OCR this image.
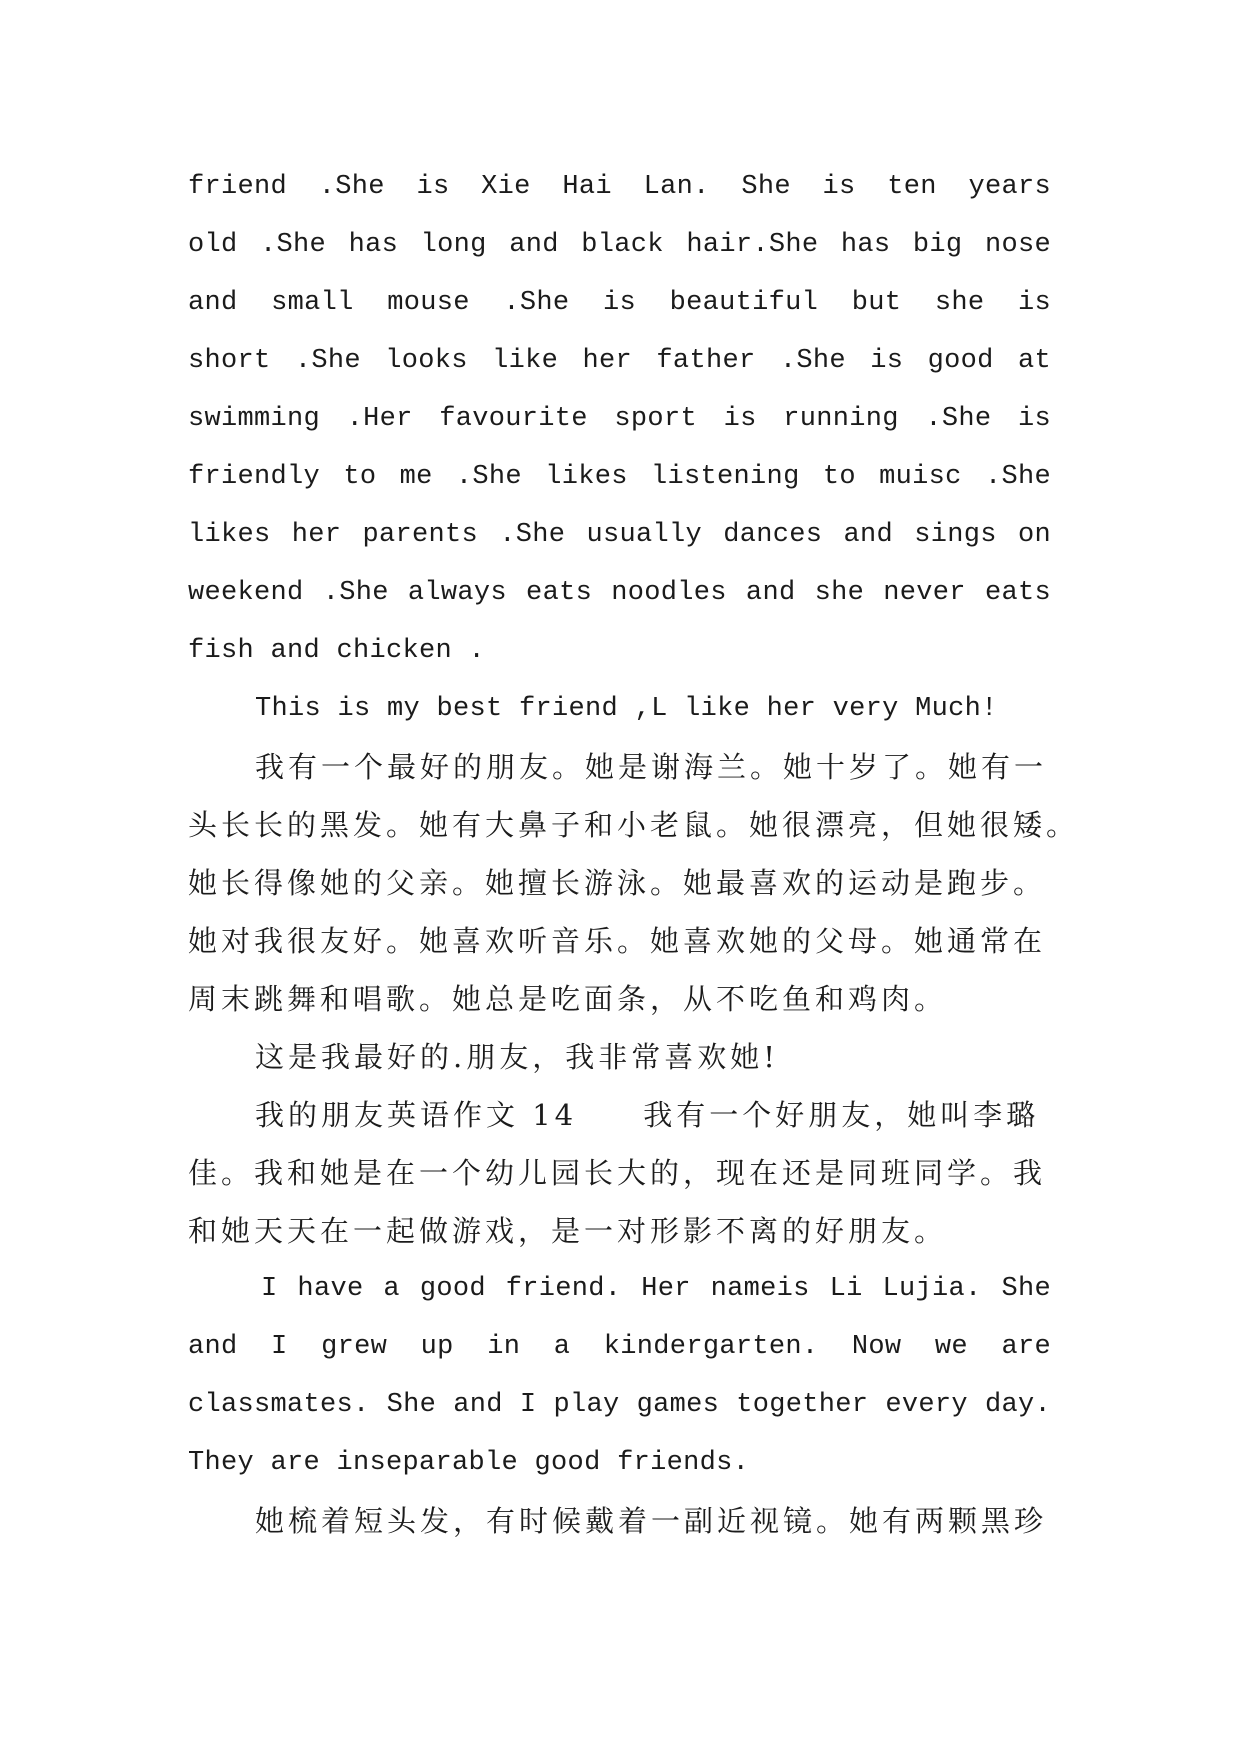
friend .She is Xie Hai Lan. She is ten years
old .She has long and black hair.She has big nose
and small mouse .She is beautiful but she is
short .She looks like her father .She is good at
swimming .Her favourite sport is running .She is
friendly to me .She likes listening to muisc .She
likes her parents .She usually dances and sings on
weekend .She always eats noodles and she never eats
fish and chicken .
This is my best friend ,L like her very Much!
我有一个最好的朋友。她是谢海兰。她十岁了。她有一
头长长的黑发。她有大鼻子和小老鼠。她很漂亮，但她很矮。
她长得像她的父亲。她擅长游泳。她最喜欢的运动是跑步。
她对我很友好。她喜欢听音乐。她喜欢她的父母。她通常在
周末跳舞和唱歌。她总是吃面条，从不吃鱼和鸡肉。
这是我最好的.朋友，我非常喜欢她!
我的朋友英语作文 14     我有一个好朋友，她叫李璐
佳。我和她是在一个幼儿园长大的，现在还是同班同学。我
和她天天在一起做游戏，是一对形影不离的好朋友。
I have a good friend. Her nameis Li Lujia. She
and I grew up in a kindergarten. Now we are
classmates. She and I play games together every day.
They are inseparable good friends.
她梳着短头发，有时候戴着一副近视镜。她有两颗黑珍
